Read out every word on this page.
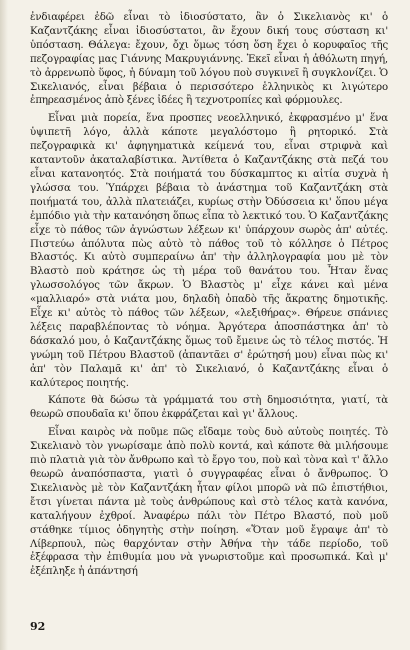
ἐνδιαφέρει ἐδῶ εἶναι τὸ ἰδιοσύστατο, ἂν ὁ Σικελιανὸς κι' ὁ Καζαντζάκης εἶναι ἰδιοσύστατοι, ἂν ἔχουν δική τους σύσταση κι' ὑπόσταση. Θάλεγα: ἔχουν, ὄχι ὅμως τόση ὅση ἔχει ὁ κορυφαῖος τῆς πεζογραφίας μας Γιάννης Μακρυγιάννης. Ἐκεῖ εἶναι ἡ ἀθόλωτη πηγή, τὸ ἀρρενωπὸ ὕφος, ἡ δύναμη τοῦ λόγου ποὺ συγκινεῖ ἢ συγκλονίζει. Ὁ Σικελιανός, εἶναι βέβαια ὁ περισσότερο ἑλληνικὸς κι λιγώτερο ἐπηρεασμένος ἀπὸ ξένες ἰδέες ἢ τεχνοτροπίες καὶ φόρμουλες.

Εἶναι μιὰ πορεία, ἕνα προσπες νεοελληνικό, ἐκφρασμένο μ' ἕνα ὑψιπετῆ λόγο, ἀλλὰ κάποτε μεγαλόστομο ἢ ρητορικό. Στὰ πεζογραφικὰ κι' ἀφηγηματικὰ κείμενά του, εἶναι στριφνὰ καὶ καταντοῦν ἀκαταλαβίστικα. Ἀντίθετα ὁ Καζαντζάκης στὰ πεζά του εἶναι κατανοητός. Στὰ ποιήματά του δύσκαμπτος κι αἰτία συχνὰ ἡ γλώσσα του. Ὑπάρχει βέβαια τὸ ἀνάστημα τοῦ Καζαντζάκη στὰ ποιήματά του, ἀλλὰ πλατειάζει, κυρίως στὴν Ὀδύσσεια κι' ὅπου μέγα ἐμπόδιο γιὰ τὴν κατανόηση ὅπως εἶπα τὸ λεκτικό του. Ὁ Καζαντζάκης εἶχε τὸ πάθος τῶν ἀγνώστων λέξεων κι' ὑπάρχουν σωρὸς ἀπ' αὐτές. Πιστεύω ἀπόλυτα πὼς αὐτὸ τὸ πάθος τοῦ τὸ κόλλησε ὁ Πέτρος Βλαστός. Κι αὐτὸ συμπεραίνω ἀπ' τὴν ἀλληλογραφία μου μὲ τὸν Βλαστὸ ποὺ κράτησε ὡς τὴ μέρα τοῦ θανάτου του. Ἦταν ἕνας γλωσσολόγος τῶν ἄκρων. Ὁ Βλαστὸς μ' εἶχε κάνει καὶ μένα «μαλλιαρό» στὰ νιάτα μου, δηλαδὴ ὀπαδὸ τῆς ἄκρατης δημοτικῆς. Εἶχε κι' αὐτὸς τὸ πάθος τῶν λέξεων, «λεξιθήρας». Θήρευε σπάνιες λέξεις παραβλέποντας τὸ νόημα. Ἀργότερα ἀποσπάστηκα ἀπ' τὸ δάσκαλό μου, ὁ Καζαντζάκης ὅμως τοῦ ἔμεινε ὡς τὸ τέλος πιστός. Ἡ γνώμη τοῦ Πέτρου Βλαστοῦ (ἀπαντᾶει σ' ἐρώτησή μου) εἶναι πὼς κι' ἀπ' τὸν Παλαμᾶ κι' ἀπ' τὸ Σικελιανό, ὁ Καζαντζάκης εἶναι ὁ καλύτερος ποιητής.

Κάποτε θὰ δώσω τὰ γράμματά του στὴ δημοσιότητα, γιατί, τὰ θεωρῶ σπουδαῖα κι' ὅπου ἐκφράζεται καὶ γι' ἄλλους.

Εἶναι καιρὸς νὰ ποῦμε πῶς εἴδαμε τοὺς δυὸ αὐτοὺς ποιητές. Τὸ Σικελιανὸ τὸν γνωρίσαμε ἀπὸ πολὺ κοντά, καὶ κάποτε θὰ μιλήσουμε πιὸ πλατιὰ γιὰ τὸν ἄνθρωπο καὶ τὸ ἔργο του, ποὺ καὶ τὸνα καὶ τ' ἄλλο θεωρῶ ἀναπόσπαστα, γιατὶ ὁ συγγραφέας εἶναι ὁ ἄνθρωπος. Ὁ Σικελιανὸς μὲ τὸν Καζαντζάκη ἦταν φίλοι μπορῶ νὰ πῶ ἐπιστήθιοι, ἔτσι γίνεται πάντα μὲ τοὺς ἀνθρώπους καὶ στὸ τέλος κατὰ κανόνα, καταλήγουν ἐχθροί. Ἀναφέρω πάλι τὸν Πέτρο Βλαστό, ποὺ μοῦ στάθηκε τίμιος ὁδηγητὴς στὴν ποίηση. «Ὅταν μοῦ ἔγραψε ἀπ' τὸ Λίβερπουλ, πὼς θαρχόνταν στὴν Ἀθήνα τὴν τάδε περίοδο, τοῦ ἐξέφρασα τὴν ἐπιθυμία μου νὰ γνωριστοῦμε καὶ προσωπικά. Καὶ μ' ἐξέπληξε ἡ ἀπάντησή

92
